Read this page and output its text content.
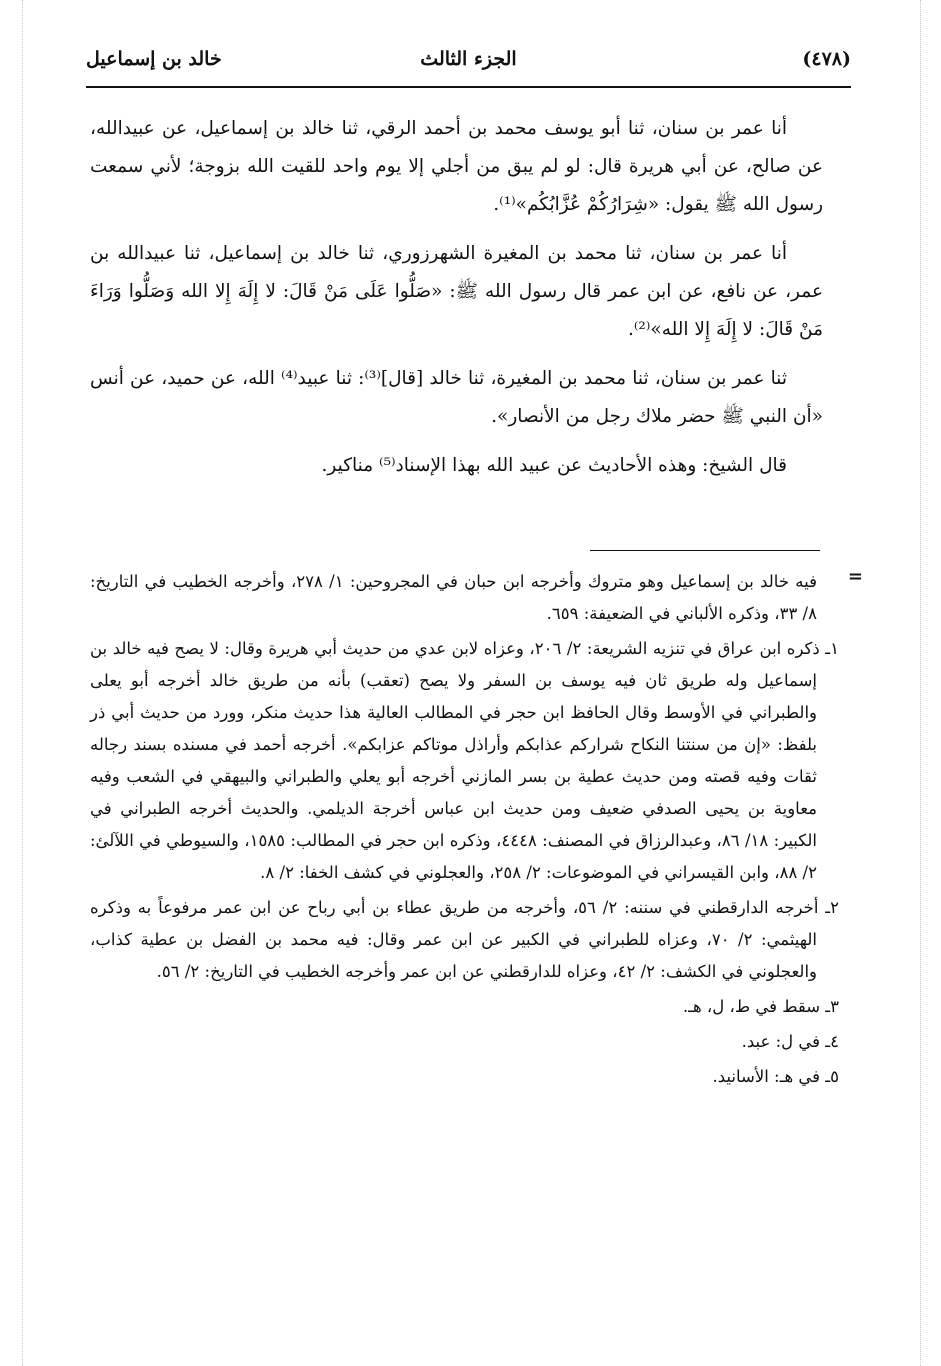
(٤٧٨)
الجزء الثالث
خالد بن إسماعيل

أنا عمر بن سنان، ثنا أبو يوسف محمد بن أحمد الرقي، ثنا خالد بن إسماعيل، عن عبيدالله، عن صالح، عن أبي هريرة قال: لو لم يبق من أجلي إلا يوم واحد للقيت الله بزوجة؛ لأني سمعت رسول الله ﷺ يقول: «شِرَارُكُمْ عُزَّابُكُم»⁽¹⁾.

أنا عمر بن سنان، ثنا محمد بن المغيرة الشهرزوري، ثنا خالد بن إسماعيل، ثنا عبيدالله بن عمر، عن نافع، عن ابن عمر قال رسول الله ﷺ: «صَلُّوا عَلَى مَنْ قَالَ: لا إِلَهَ إِلا الله وَصَلُّوا وَرَاءَ مَنْ قَالَ: لا إِلَهَ إِلا الله»⁽²⁾.

ثنا عمر بن سنان، ثنا محمد بن المغيرة، ثنا خالد [قال]⁽³⁾: ثنا عبيد⁽⁴⁾ الله، عن حميد، عن أنس «أن النبي ﷺ حضر ملاك رجل من الأنصار».

قال الشيخ: وهذه الأحاديث عن عبيد الله بهذا الإسناد⁽⁵⁾ مناكير.

=

فيه خالد بن إسماعيل وهو متروك وأخرجه ابن حبان في المجروحين: ١/ ٢٧٨، وأخرجه الخطيب في التاريخ: ٨/ ٣٣، وذكره الألباني في الضعيفة: ٦٥٩.

١ـ ذكره ابن عراق في تنزيه الشريعة: ٢/ ٢٠٦، وعزاه لابن عدي من حديث أبي هريرة وقال: لا يصح فيه خالد بن إسماعيل وله طريق ثان فيه يوسف بن السفر ولا يصح (تعقب) بأنه من طريق خالد أخرجه أبو يعلى والطبراني في الأوسط وقال الحافظ ابن حجر في المطالب العالية هذا حديث منكر، وورد من حديث أبي ذر بلفظ: «إن من سنتنا النكاح شراركم عذابكم وأراذل موتاكم عزابكم». أخرجه أحمد في مسنده بسند رجاله ثقات وفيه قصته ومن حديث عطية بن بسر المازني أخرجه أبو يعلي والطبراني والبيهقي في الشعب وفيه معاوية بن يحيى الصدفي ضعيف ومن حديث ابن عباس أخرجة الديلمي. والحديث أخرجه الطبراني في الكبير: ١٨/ ٨٦، وعبدالرزاق في المصنف: ٤٤٤٨، وذكره ابن حجر في المطالب: ١٥٨٥، والسيوطي في اللآلئ: ٢/ ٨٨، وابن القيسراني في الموضوعات: ٢/ ٢٥٨، والعجلوني في كشف الخفا: ٢/ ٨.

٢ـ أخرجه الدارقطني في سننه: ٢/ ٥٦، وأخرجه من طريق عطاء بن أبي رباح عن ابن عمر مرفوعاً به وذكره الهيثمي: ٢/ ٧٠، وعزاه للطبراني في الكبير عن ابن عمر وقال: فيه محمد بن الفضل بن عطية كذاب، والعجلوني في الكشف: ٢/ ٤٢، وعزاه للدارقطني عن ابن عمر وأخرجه الخطيب في التاريخ: ٢/ ٥٦.

٣ـ سقط في ط، ل، هـ.

٤ـ في ل: عبد.

٥ـ في هـ: الأسانيد.
